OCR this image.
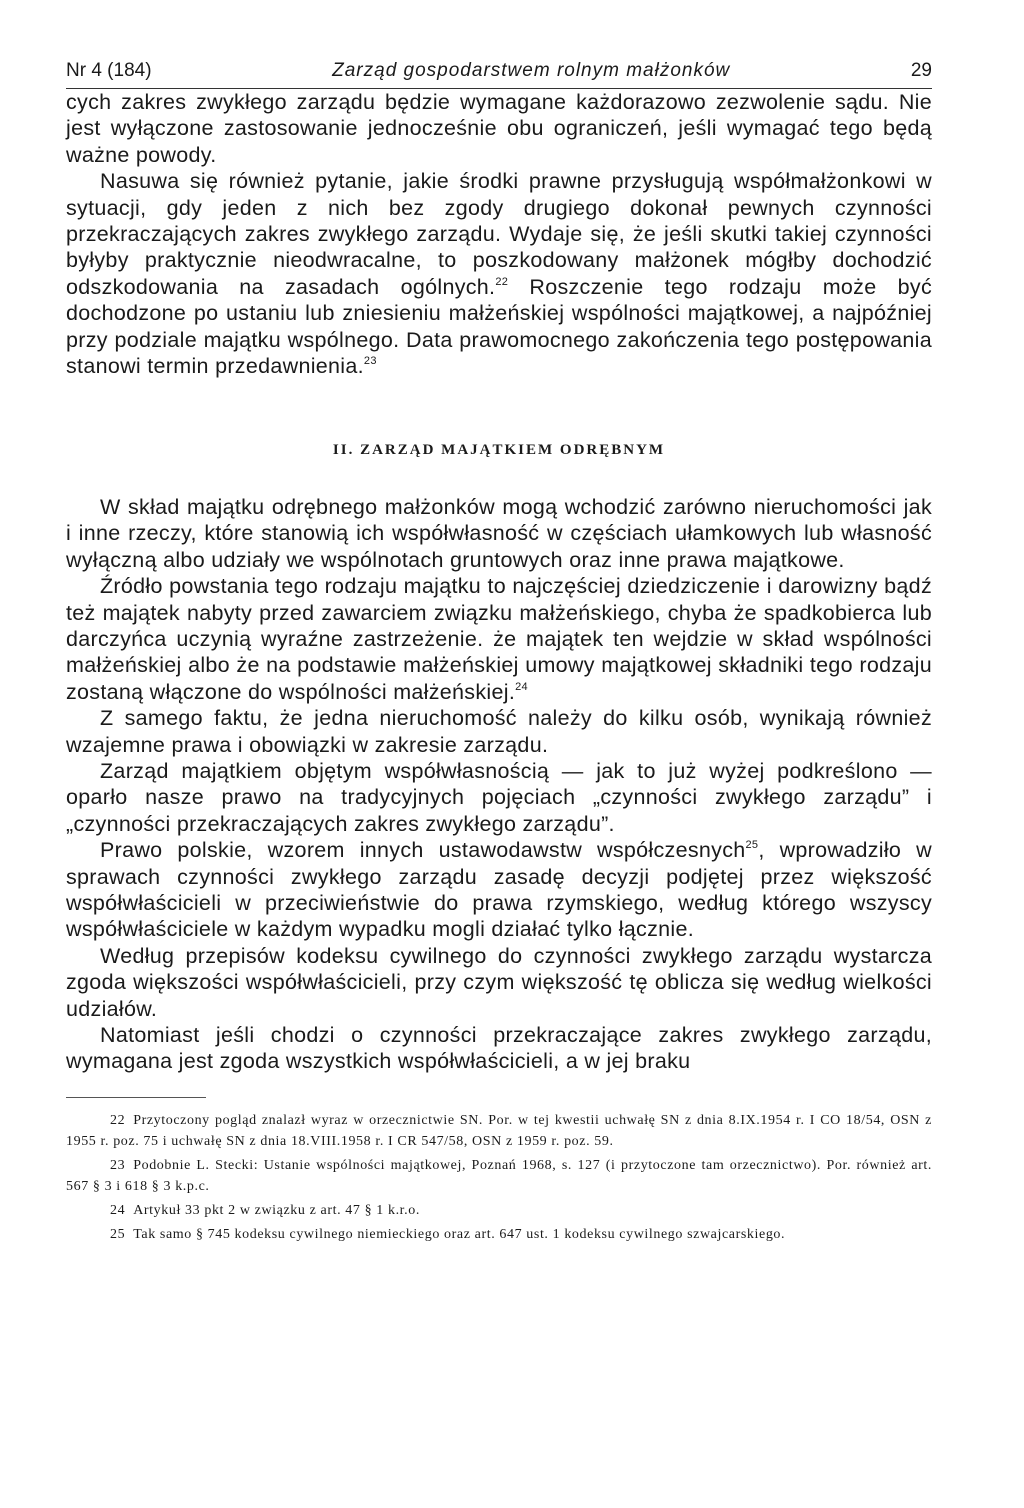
Nr 4 (184)	Zarząd gospodarstwem rolnym małżonków	29

cych zakres zwykłego zarządu będzie wymagane każdorazowo zezwolenie sądu. Nie jest wyłączone zastosowanie jednocześnie obu ograniczeń, jeśli wymagać tego będą ważne powody.

Nasuwa się również pytanie, jakie środki prawne przysługują współmałżonkowi w sytuacji, gdy jeden z nich bez zgody drugiego dokonał pewnych czynności przekraczających zakres zwykłego zarządu. Wydaje się, że jeśli skutki takiej czynności byłyby praktycznie nieodwracalne, to poszkodowany małżonek mógłby dochodzić odszkodowania na zasadach ogólnych.$^{22}$ Roszczenie tego rodzaju może być dochodzone po ustaniu lub zniesieniu małżeńskiej wspólności majątkowej, a najpóźniej przy podziale majątku wspólnego. Data prawomocnego zakończenia tego postępowania stanowi termin przedawnienia.$^{23}$

II. ZARZĄD MAJĄTKIEM ODRĘBNYM

W skład majątku odrębnego małżonków mogą wchodzić zarówno nieruchomości jak i inne rzeczy, które stanowią ich współwłasność w częściach ułamkowych lub własność wyłączną albo udziały we wspólnotach gruntowych oraz inne prawa majątkowe.

Źródło powstania tego rodzaju majątku to najczęściej dziedziczenie i darowizny bądź też majątek nabyty przed zawarciem związku małżeńskiego, chyba że spadkobierca lub darczyńca uczynią wyraźne zastrzeżenie. że majątek ten wejdzie w skład wspólności małżeńskiej albo że na podstawie małżeńskiej umowy majątkowej składniki tego rodzaju zostaną włączone do wspólności małżeńskiej.$^{24}$

Z samego faktu, że jedna nieruchomość należy do kilku osób, wynikają również wzajemne prawa i obowiązki w zakresie zarządu.

Zarząd majątkiem objętym współwłasnością — jak to już wyżej podkreślono — oparło nasze prawo na tradycyjnych pojęciach „czynności zwykłego zarządu” i „czynności przekraczających zakres zwykłego zarządu”.

Prawo polskie, wzorem innych ustawodawstw współczesnych$^{25}$, wprowadziło w sprawach czynności zwykłego zarządu zasadę decyzji podjętej przez większość współwłaścicieli w przeciwieństwie do prawa rzymskiego, według którego wszyscy współwłaściciele w każdym wypadku mogli działać tylko łącznie.

Według przepisów kodeksu cywilnego do czynności zwykłego zarządu wystarcza zgoda większości współwłaścicieli, przy czym większość tę oblicza się według wielkości udziałów.

Natomiast jeśli chodzi o czynności przekraczające zakres zwykłego zarządu, wymagana jest zgoda wszystkich współwłaścicieli, a w jej braku

22 Przytoczony pogląd znalazł wyraz w orzecznictwie SN. Por. w tej kwestii uchwałę SN z dnia 8.IX.1954 r. I CO 18/54, OSN z 1955 r. poz. 75 i uchwałę SN z dnia 18.VIII.1958 r. I CR 547/58, OSN z 1959 r. poz. 59.

23 Podobnie L. Stecki: Ustanie wspólności majątkowej, Poznań 1968, s. 127 (i przytoczone tam orzecznictwo). Por. również art. 567 § 3 i 618 § 3 k.p.c.

24 Artykuł 33 pkt 2 w związku z art. 47 § 1 k.r.o.

25 Tak samo § 745 kodeksu cywilnego niemieckiego oraz art. 647 ust. 1 kodeksu cywilnego szwajcarskiego.
